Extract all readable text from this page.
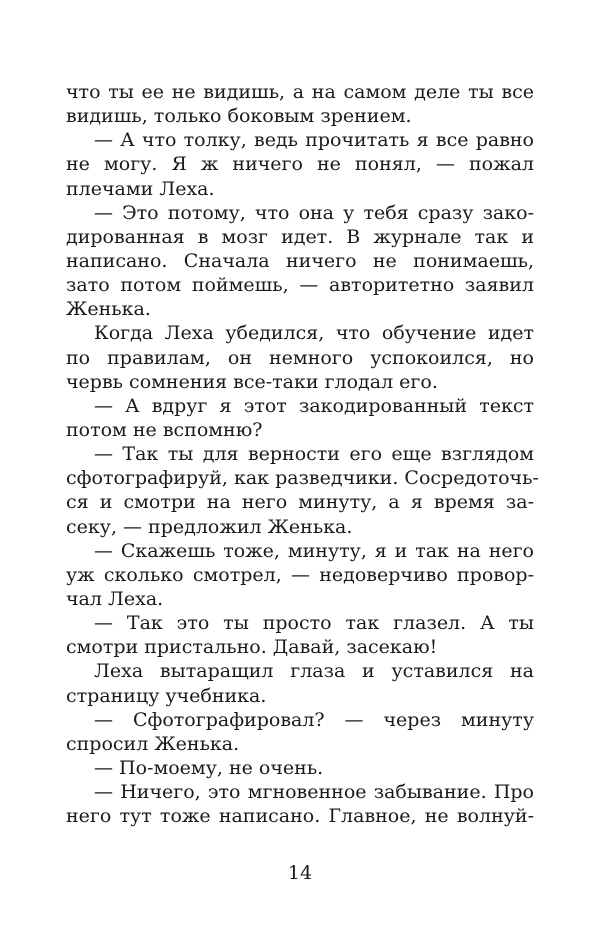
что ты ее не видишь, а на самом деле ты все
видишь, только боковым зрением.
— А что толку, ведь прочитать я все равно
не могу. Я ж ничего не понял, — пожал
плечами Леха.
— Это потому, что она у тебя сразу зако-
дированная в мозг идет. В журнале так и
написано. Сначала ничего не понимаешь,
зато потом поймешь, — авторитетно заявил
Женька.
Когда Леха убедился, что обучение идет
по правилам, он немного успокоился, но
червь сомнения все-таки глодал его.
— А вдруг я этот закодированный текст
потом не вспомню?
— Так ты для верности его еще взглядом
сфотографируй, как разведчики. Сосредоточь-
ся и смотри на него минуту, а я время за-
секу, — предложил Женька.
— Скажешь тоже, минуту, я и так на него
уж сколько смотрел, — недоверчиво провор-
чал Леха.
— Так это ты просто так глазел. А ты
смотри пристально. Давай, засекаю!
Леха вытаращил глаза и уставился на
страницу учебника.
— Сфотографировал? — через минуту
спросил Женька.
— По-моему, не очень.
— Ничего, это мгновенное забывание. Про
него тут тоже написано. Главное, не волнуй-
14
